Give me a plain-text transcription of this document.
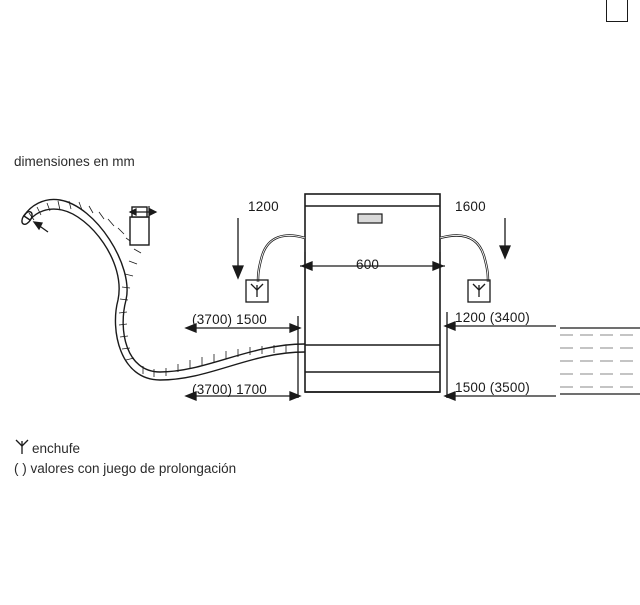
dimensiones en mm
1200	1600
600
(3700) 1500	1200 (3400)
(3700) 1700	1500 (3500)
enchufe
( ) valores con juego de prolongación
